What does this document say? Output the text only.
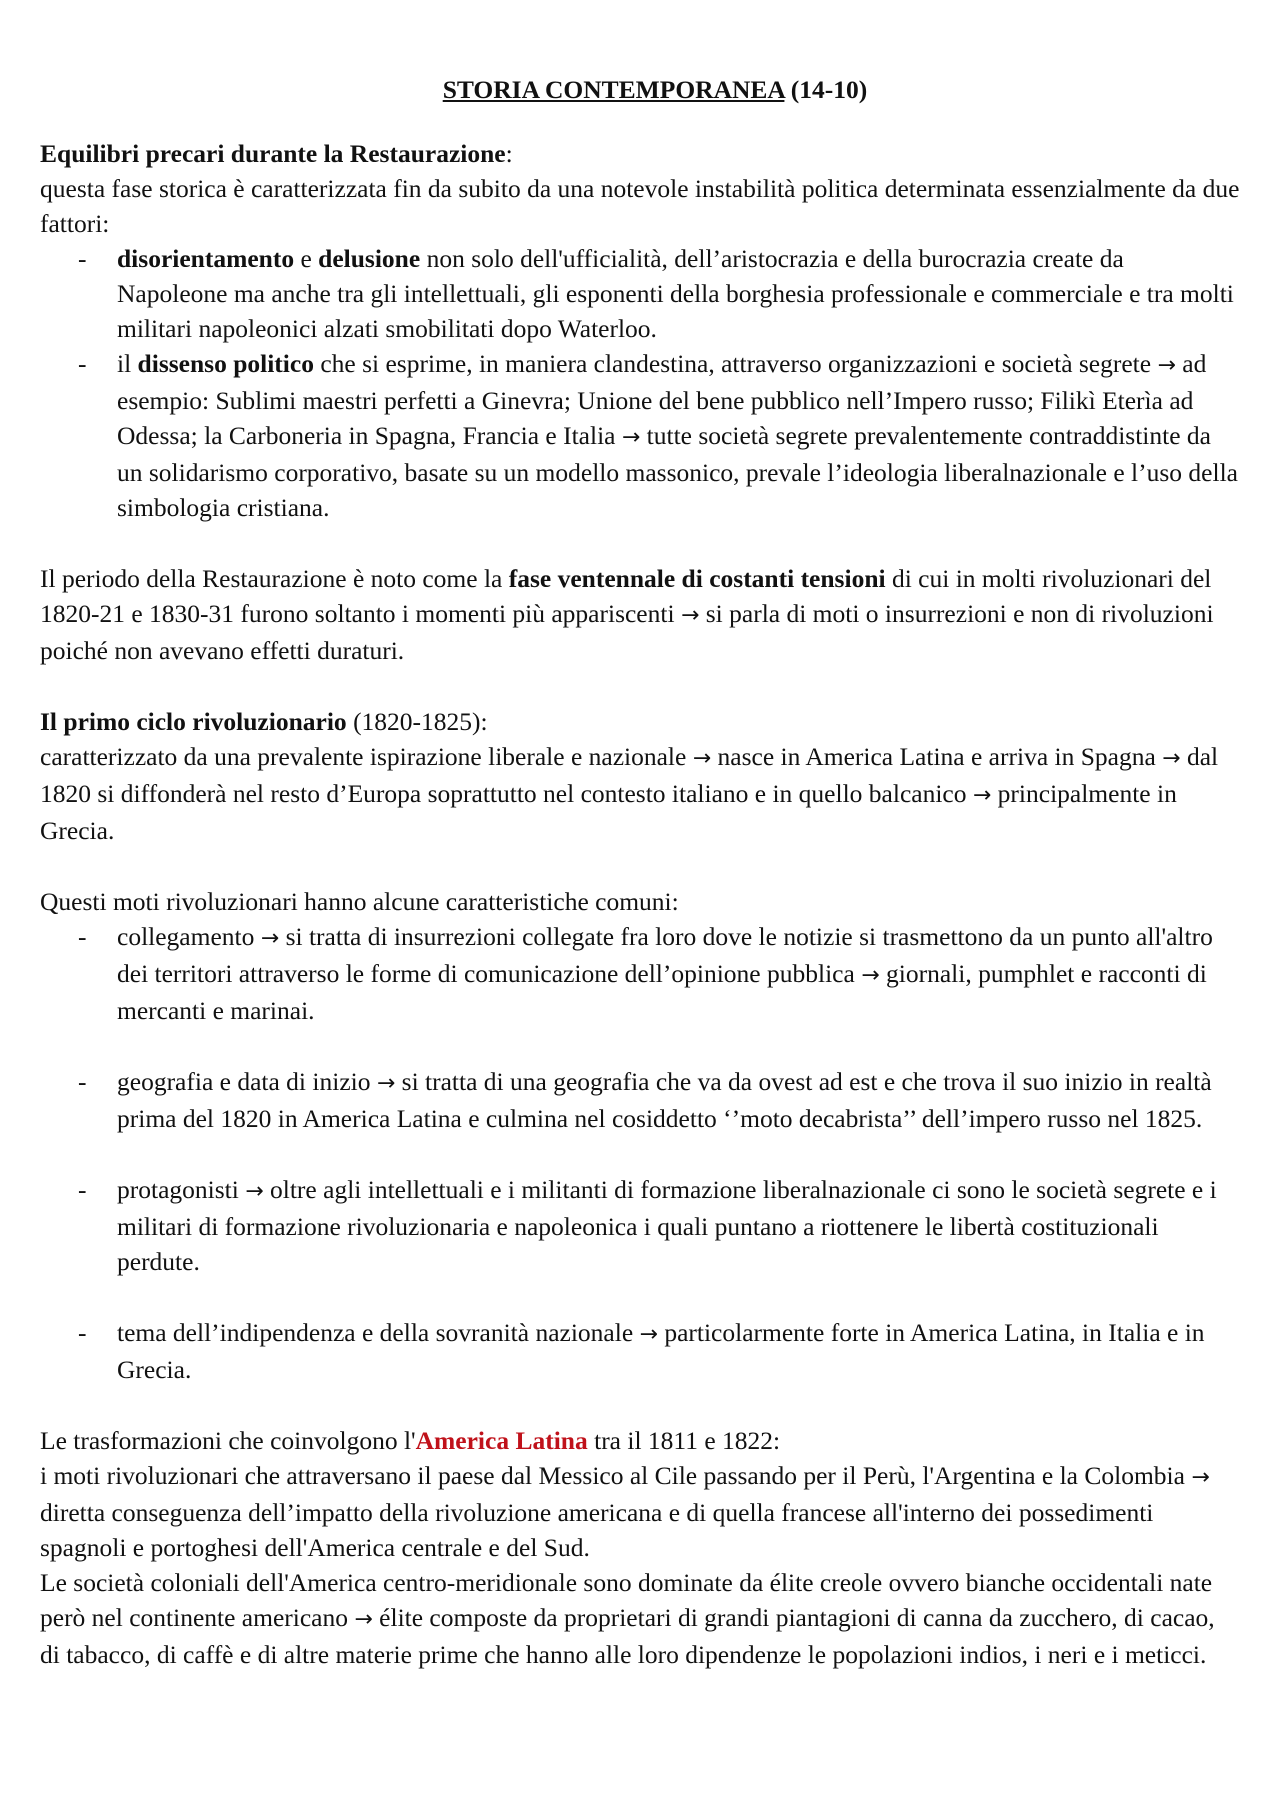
STORIA CONTEMPORANEA (14-10)

Equilibri precari durante la Restaurazione:

questa fase storica è caratterizzata fin da subito da una notevole instabilità politica determinata essenzialmente da due fattori:

- disorientamento e delusione non solo dell'ufficialità, dell’aristocrazia e della burocrazia create da Napoleone ma anche tra gli intellettuali, gli esponenti della borghesia professionale e commerciale e tra molti militari napoleonici alzati smobilitati dopo Waterloo.
- il dissenso politico che si esprime, in maniera clandestina, attraverso organizzazioni e società segrete → ad esempio: Sublimi maestri perfetti a Ginevra; Unione del bene pubblico nell’Impero russo; Filikì Eterìa ad Odessa; la Carboneria in Spagna, Francia e Italia → tutte società segrete prevalentemente contraddistinte da un solidarismo corporativo, basate su un modello massonico, prevale l’ideologia liberalnazionale e l’uso della simbologia cristiana.

Il periodo della Restaurazione è noto come la fase ventennale di costanti tensioni di cui in molti rivoluzionari del 1820-21 e 1830-31 furono soltanto i momenti più appariscenti → si parla di moti o insurrezioni e non di rivoluzioni poiché non avevano effetti duraturi.

Il primo ciclo rivoluzionario (1820-1825):

caratterizzato da una prevalente ispirazione liberale e nazionale → nasce in America Latina e arriva in Spagna → dal 1820 si diffonderà nel resto d’Europa soprattutto nel contesto italiano e in quello balcanico → principalmente in Grecia.

Questi moti rivoluzionari hanno alcune caratteristiche comuni:

- collegamento → si tratta di insurrezioni collegate fra loro dove le notizie si trasmettono da un punto all'altro dei territori attraverso le forme di comunicazione dell’opinione pubblica → giornali, pumphlet e racconti di mercanti e marinai.
- geografia e data di inizio → si tratta di una geografia che va da ovest ad est e che trova il suo inizio in realtà prima del 1820 in America Latina e culmina nel cosiddetto ‘’moto decabrista’’ dell’impero russo nel 1825.
- protagonisti → oltre agli intellettuali e i militanti di formazione liberalnazionale ci sono le società segrete e i militari di formazione rivoluzionaria e napoleonica i quali puntano a riottenere le libertà costituzionali perdute.
- tema dell’indipendenza e della sovranità nazionale → particolarmente forte in America Latina, in Italia e in Grecia.

Le trasformazioni che coinvolgono l'America Latina tra il 1811 e 1822:

i moti rivoluzionari che attraversano il paese dal Messico al Cile passando per il Perù, l'Argentina e la Colombia → diretta conseguenza dell’impatto della rivoluzione americana e di quella francese all'interno dei possedimenti spagnoli e portoghesi dell'America centrale e del Sud.

Le società coloniali dell'America centro-meridionale sono dominate da élite creole ovvero bianche occidentali nate però nel continente americano → élite composte da proprietari di grandi piantagioni di canna da zucchero, di cacao, di tabacco, di caffè e di altre materie prime che hanno alle loro dipendenze le popolazioni indios, i neri e i meticci.
